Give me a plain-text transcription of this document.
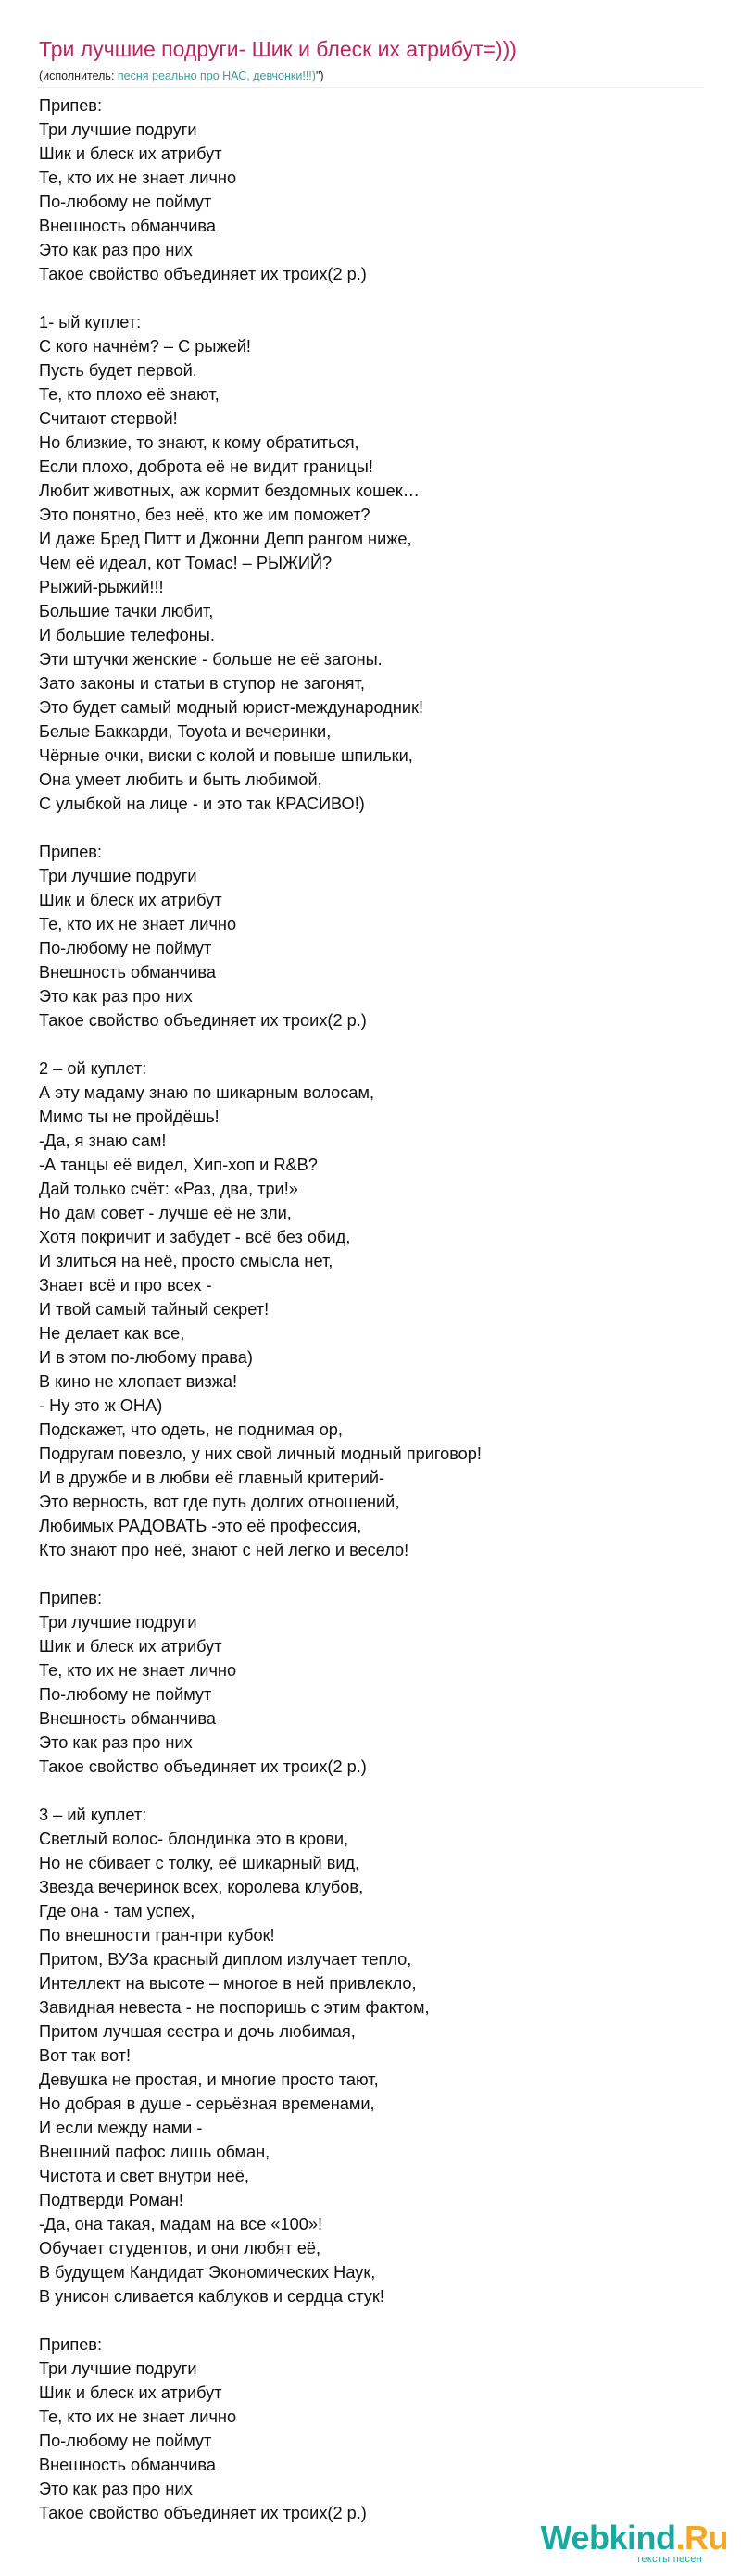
Три лучшие подруги- Шик и блеск их атрибут=)))
(исполнитель: песня реально про НАС, девчонки!!!)")
Припев:
Три лучшие подруги
Шик и блеск их атрибут
Те, кто их не знает лично
По-любому не поймут
Внешность обманчива
Это как раз про них
Такое свойство объединяет их троих(2 р.)
1- ый куплет:
С кого начнём? – С рыжей!
Пусть будет первой.
Те, кто плохо её знают,
Считают стервой!
Но близкие, то знают, к кому обратиться,
Если плохо, доброта её не видит границы!
Любит животных, аж кормит бездомных кошек…
Это понятно, без неё, кто же им поможет?
И даже Бред Питт и Джонни Депп рангом ниже,
Чем её идеал, кот Томас! – РЫЖИЙ?
Рыжий-рыжий!!!
Большие тачки любит,
И большие телефоны.
Эти штучки женские - больше не её загоны.
Зато законы и статьи в ступор не загонят,
Это будет самый модный юрист-международник!
Белые Баккарди, Toyota и вечеринки,
Чёрные очки, виски с колой и повыше шпильки,
Она умеет любить и быть любимой,
С улыбкой на лице - и это так КРАСИВО!)
Припев:
Три лучшие подруги
Шик и блеск их атрибут
Те, кто их не знает лично
По-любому не поймут
Внешность обманчива
Это как раз про них
Такое свойство объединяет их троих(2 р.)
2 – ой куплет:
А эту мадаму знаю по шикарным волосам,
Мимо ты не пройдёшь!
-Да, я знаю сам!
-А танцы её видел, Хип-хоп и R&B?
Дай только счёт: «Раз, два, три!»
Но дам совет - лучше её не зли,
Хотя покричит и забудет - всё без обид,
И злиться на неё, просто смысла нет,
Знает всё и про всех -
И твой самый тайный секрет!
Не делает как все,
И в этом по-любому права)
В кино не хлопает визжа!
- Ну это ж ОНА)
Подскажет, что одеть, не поднимая ор,
Подругам повезло, у них свой личный модный приговор!
И в дружбе и в любви её главный критерий-
Это верность, вот где путь долгих отношений,
Любимых РАДОВАТЬ -это её профессия,
Кто знают про неё, знают с ней легко и весело!
Припев:
Три лучшие подруги
Шик и блеск их атрибут
Те, кто их не знает лично
По-любому не поймут
Внешность обманчива
Это как раз про них
Такое свойство объединяет их троих(2 р.)
3 – ий куплет:
Светлый волос- блондинка это в крови,
Но не сбивает с толку, её шикарный вид,
Звезда вечеринок всех, королева клубов,
Где она - там успех,
По внешности гран-при кубок!
Притом, ВУЗа красный диплом излучает тепло,
Интеллект на высоте – многое в ней привлекло,
Завидная невеста - не поспоришь с этим фактом,
Притом лучшая сестра и дочь любимая,
Вот так вот!
Девушка не простая, и многие просто тают,
Но добрая в душе - серьёзная временами,
И если между нами -
Внешний пафос лишь обман,
Чистота и свет внутри неё,
Подтверди Роман!
-Да, она такая, мадам на все «100»!
Обучает студентов, и они любят её,
В будущем Кандидат Экономических Наук,
В унисон сливается каблуков и сердца стук!
Припев:
Три лучшие подруги
Шик и блеск их атрибут
Те, кто их не знает лично
По-любому не поймут
Внешность обманчива
Это как раз про них
Такое свойство объединяет их троих(2 р.)
Webkind.Ru
тексты песен
